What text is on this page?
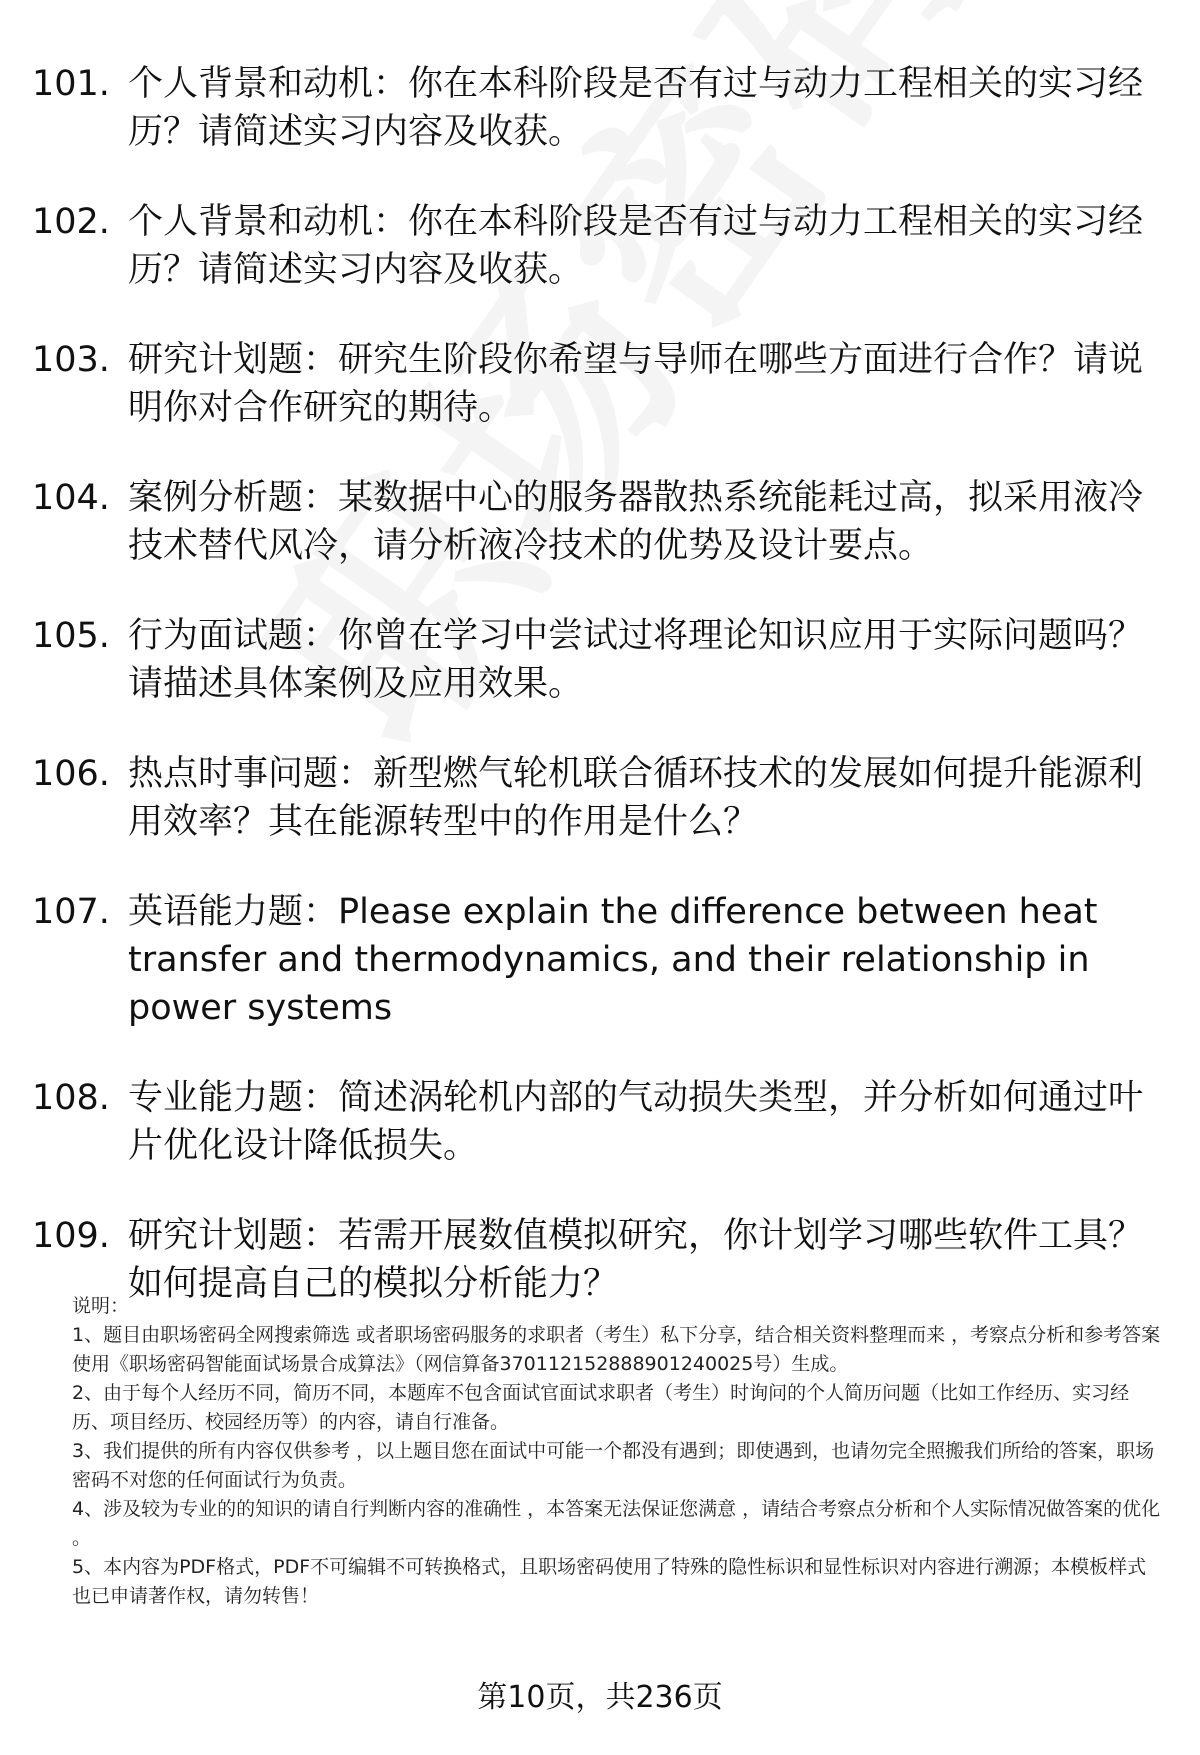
101. 个人背景和动机：你在本科阶段是否有过与动力工程相关的实习经历？请简述实习内容及收获。
102. 个人背景和动机：你在本科阶段是否有过与动力工程相关的实习经历？请简述实习内容及收获。
103. 研究计划题：研究生阶段你希望与导师在哪些方面进行合作？请说明你对合作研究的期待。
104. 案例分析题：某数据中心的服务器散热系统能耗过高，拟采用液冷技术替代风冷，请分析液冷技术的优势及设计要点。
105. 行为面试题：你曾在学习中尝试过将理论知识应用于实际问题吗？请描述具体案例及应用效果。
106. 热点时事问题：新型燃气轮机联合循环技术的发展如何提升能源利用效率？其在能源转型中的作用是什么？
107. 英语能力题：Please explain the difference between heat transfer and thermodynamics, and their relationship in power systems
108. 专业能力题：简述涡轮机内部的气动损失类型，并分析如何通过叶片优化设计降低损失。
109. 研究计划题：若需开展数值模拟研究，你计划学习哪些软件工具？如何提高自己的模拟分析能力？

说明：

1、题目由职场密码全网搜索筛选 或者职场密码服务的求职者（考生）私下分享，结合相关资料整理而来 ，考察点分析和参考答案使用《职场密码智能面试场景合成算法》（网信算备370112152888901240025号）生成。

2、由于每个人经历不同，简历不同，本题库不包含面试官面试求职者（考生）时询问的个人简历问题（比如工作经历、实习经历、项目经历、校园经历等）的内容，请自行准备。

3、我们提供的所有内容仅供参考 ，以上题目您在面试中可能一个都没有遇到；即使遇到，也请勿完全照搬我们所给的答案，职场密码不对您的任何面试行为负责。

4、涉及较为专业的的知识的请自行判断内容的准确性 ，本答案无法保证您满意 ，请结合考察点分析和个人实际情况做答案的优化 。

5、本内容为PDF格式，PDF不可编辑不可转换格式，且职场密码使用了特殊的隐性标识和显性标识对内容进行溯源；本模板样式也已申请著作权，请勿转售！

第10页，共236页
